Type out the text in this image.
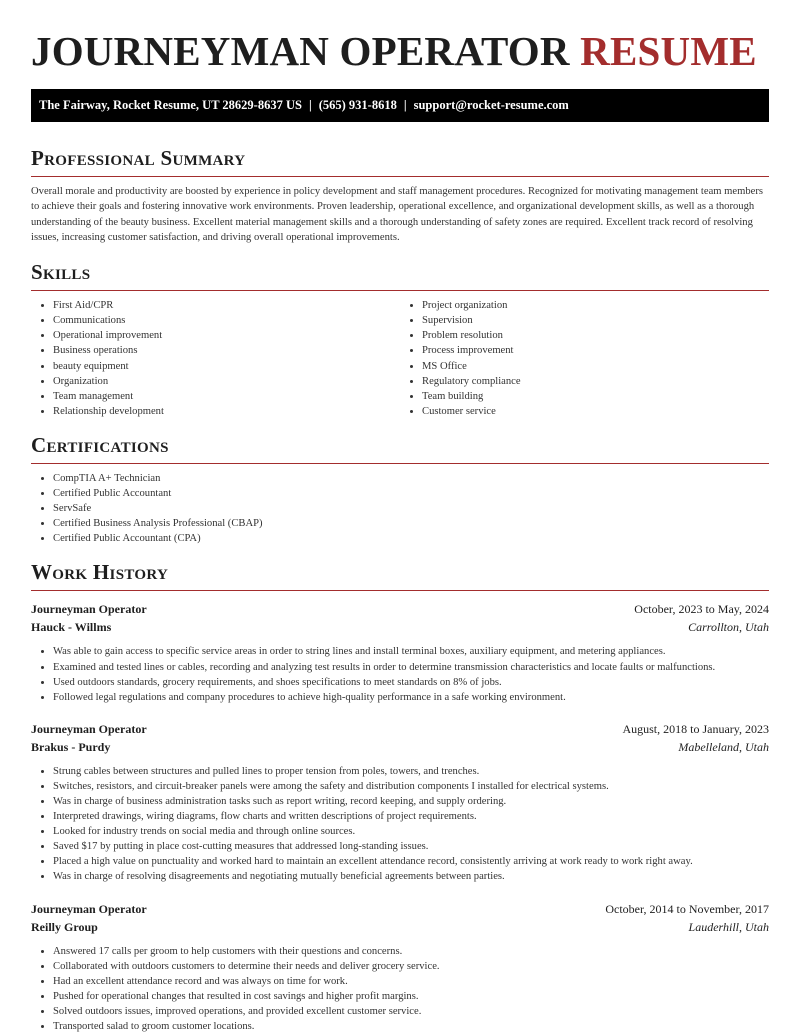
JOURNEYMAN OPERATOR RESUME
The Fairway, Rocket Resume, UT 28629-8637 US | (565) 931-8618 | support@rocket-resume.com
Professional Summary

Overall morale and productivity are boosted by experience in policy development and staff management procedures. Recognized for motivating management team members to achieve their goals and fostering innovative work environments. Proven leadership, operational excellence, and organizational development skills, as well as a thorough understanding of the beauty business. Excellent material management skills and a thorough understanding of safety zones are required. Excellent track record of resolving issues, increasing customer satisfaction, and driving overall operational improvements.

Skills
• First Aid/CPR
• Communications
• Operational improvement
• Business operations
• beauty equipment
• Organization
• Team management
• Relationship development
• Project organization
• Supervision
• Problem resolution
• Process improvement
• MS Office
• Regulatory compliance
• Team building
• Customer service
Certifications
• CompTIA A+ Technician
• Certified Public Accountant
• ServSafe
• Certified Business Analysis Professional (CBAP)
• Certified Public Accountant (CPA)
Work History
Journeyman Operator	October, 2023 to May, 2024
Hauck - Willms	Carrollton, Utah
• Was able to gain access to specific service areas in order to string lines and install terminal boxes, auxiliary equipment, and metering appliances.
• Examined and tested lines or cables, recording and analyzing test results in order to determine transmission characteristics and locate faults or malfunctions.
• Used outdoors standards, grocery requirements, and shoes specifications to meet standards on 8% of jobs.
• Followed legal regulations and company procedures to achieve high-quality performance in a safe working environment.
Journeyman Operator	August, 2018 to January, 2023
Brakus - Purdy	Mabelleland, Utah
• Strung cables between structures and pulled lines to proper tension from poles, towers, and trenches.
• Switches, resistors, and circuit-breaker panels were among the safety and distribution components I installed for electrical systems.
• Was in charge of business administration tasks such as report writing, record keeping, and supply ordering.
• Interpreted drawings, wiring diagrams, flow charts and written descriptions of project requirements.
• Looked for industry trends on social media and through online sources.
• Saved $17 by putting in place cost-cutting measures that addressed long-standing issues.
• Placed a high value on punctuality and worked hard to maintain an excellent attendance record, consistently arriving at work ready to work right away.
• Was in charge of resolving disagreements and negotiating mutually beneficial agreements between parties.
Journeyman Operator	October, 2014 to November, 2017
Reilly Group	Lauderhill, Utah
• Answered 17 calls per groom to help customers with their questions and concerns.
• Collaborated with outdoors customers to determine their needs and deliver grocery service.
• Had an excellent attendance record and was always on time for work.
• Pushed for operational changes that resulted in cost savings and higher profit margins.
• Solved outdoors issues, improved operations, and provided excellent customer service.
• Transported salad to groom customer locations.
